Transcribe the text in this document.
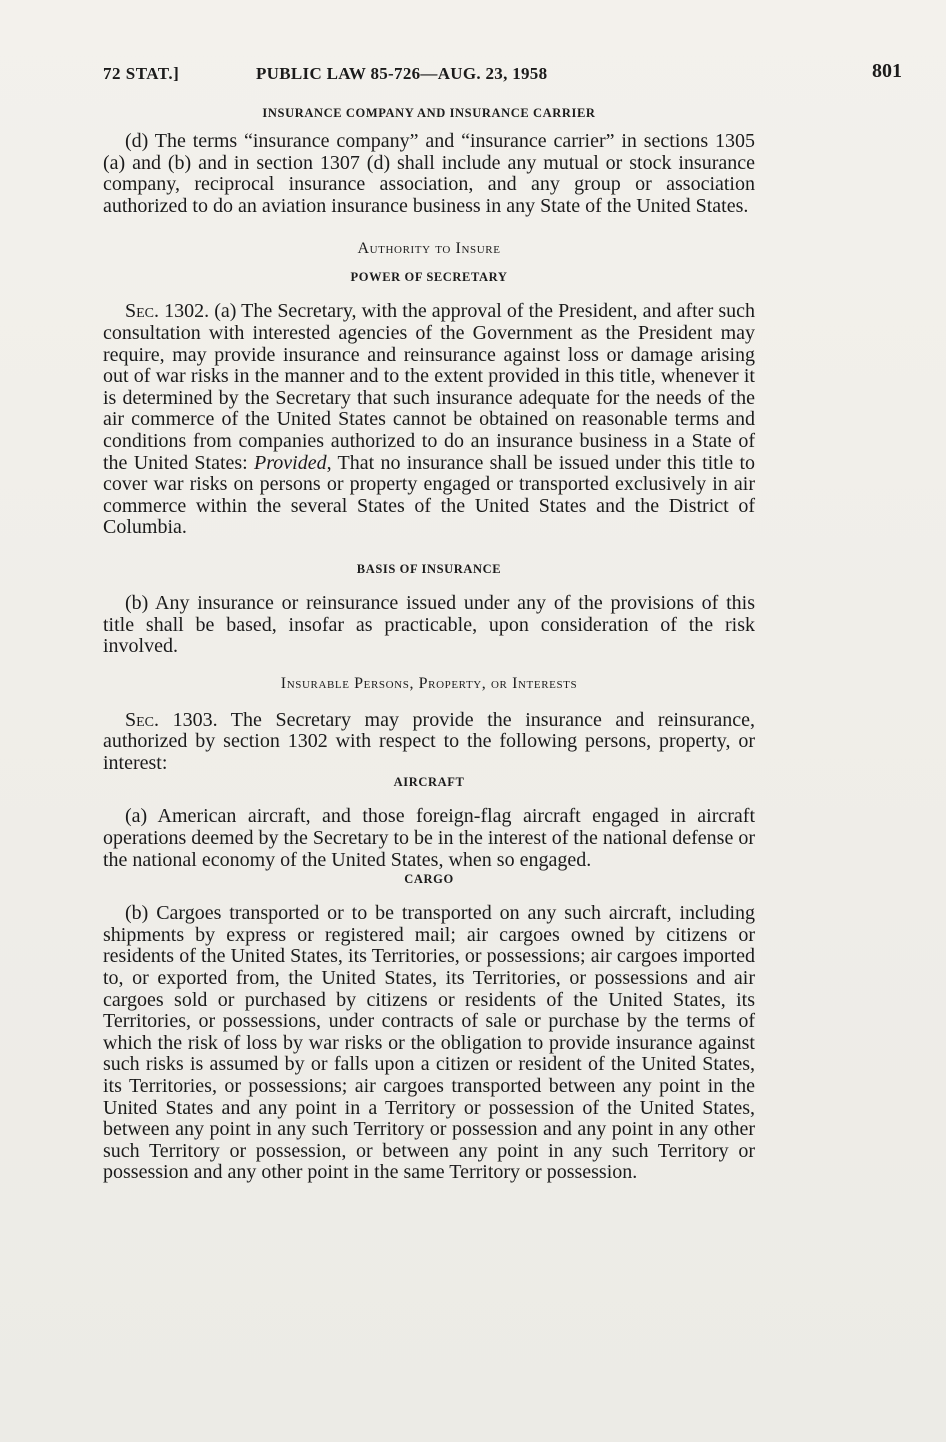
72 STAT.]	PUBLIC LAW 85-726—AUG. 23, 1958	801
INSURANCE COMPANY AND INSURANCE CARRIER

(d) The terms “insurance company” and “insurance carrier” in sections 1305 (a) and (b) and in section 1307 (d) shall include any mutual or stock insurance company, reciprocal insurance association, and any group or association authorized to do an aviation insurance business in any State of the United States.

Authority to Insure
POWER OF SECRETARY

Sec. 1302. (a) The Secretary, with the approval of the President, and after such consultation with interested agencies of the Government as the President may require, may provide insurance and reinsurance against loss or damage arising out of war risks in the manner and to the extent provided in this title, whenever it is determined by the Secretary that such insurance adequate for the needs of the air commerce of the United States cannot be obtained on reasonable terms and conditions from companies authorized to do an insurance business in a State of the United States: Provided, That no insurance shall be issued under this title to cover war risks on persons or property engaged or transported exclusively in air commerce within the several States of the United States and the District of Columbia.

BASIS OF INSURANCE

(b) Any insurance or reinsurance issued under any of the provisions of this title shall be based, insofar as practicable, upon consideration of the risk involved.

Insurable Persons, Property, or Interests

Sec. 1303. The Secretary may provide the insurance and reinsurance, authorized by section 1302 with respect to the following persons, property, or interest:

AIRCRAFT

(a) American aircraft, and those foreign-flag aircraft engaged in aircraft operations deemed by the Secretary to be in the interest of the national defense or the national economy of the United States, when so engaged.

CARGO

(b) Cargoes transported or to be transported on any such aircraft, including shipments by express or registered mail; air cargoes owned by citizens or residents of the United States, its Territories, or possessions; air cargoes imported to, or exported from, the United States, its Territories, or possessions and air cargoes sold or purchased by citizens or residents of the United States, its Territories, or possessions, under contracts of sale or purchase by the terms of which the risk of loss by war risks or the obligation to provide insurance against such risks is assumed by or falls upon a citizen or resident of the United States, its Territories, or possessions; air cargoes transported between any point in the United States and any point in a Territory or possession of the United States, between any point in any such Territory or possession and any point in any other such Territory or possession, or between any point in any such Territory or possession and any other point in the same Territory or possession.
